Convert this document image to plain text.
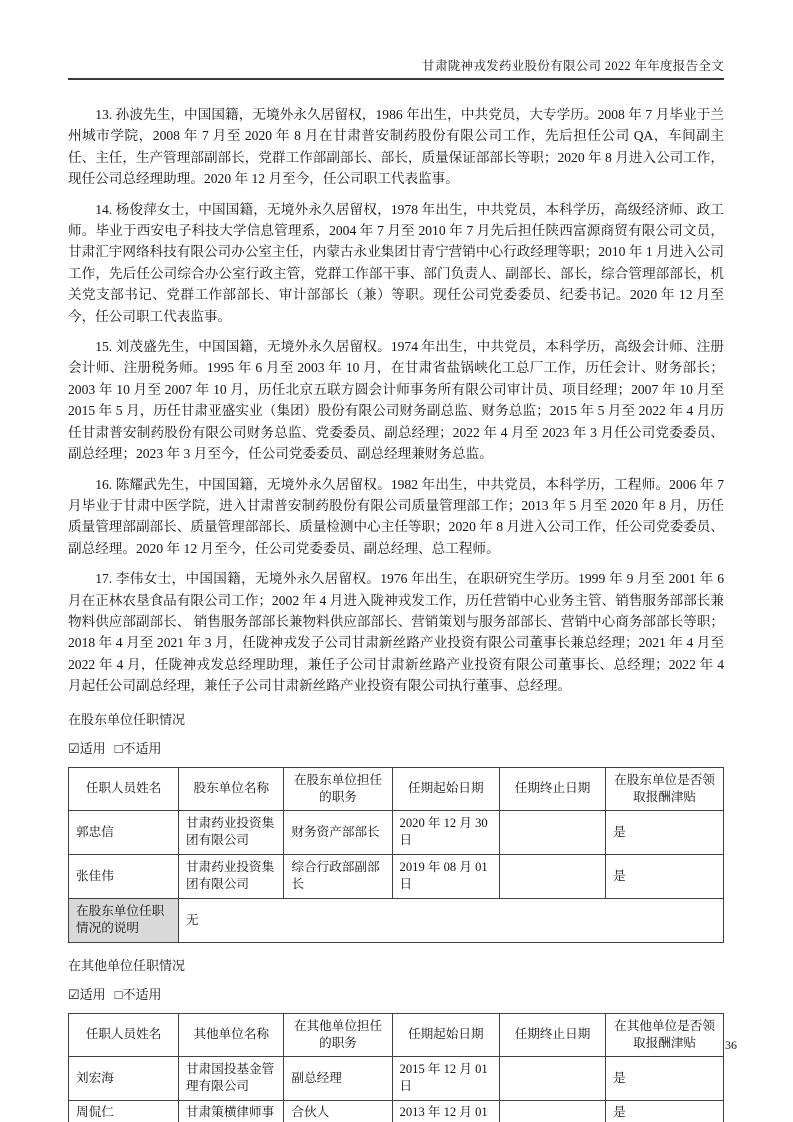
甘肃陇神戎发药业股份有限公司 2022 年年度报告全文

13. 孙波先生，中国国籍，无境外永久居留权，1986 年出生，中共党员，大专学历。2008 年 7 月毕业于兰州城市学院，2008 年 7 月至 2020 年 8 月在甘肃普安制药股份有限公司工作，先后担任公司 QA，车间副主任、主任，生产管理部副部长，党群工作部副部长、部长，质量保证部部长等职；2020 年 8 月进入公司工作，现任公司总经理助理。2020 年 12 月至今，任公司职工代表监事。

14. 杨俊萍女士，中国国籍，无境外永久居留权，1978 年出生，中共党员，本科学历，高级经济师、政工师。毕业于西安电子科技大学信息管理系，2004 年 7 月至 2010 年 7 月先后担任陕西富源商贸有限公司文员，甘肃汇宇网络科技有限公司办公室主任，内蒙古永业集团甘青宁营销中心行政经理等职；2010 年 1 月进入公司工作，先后任公司综合办公室行政主管，党群工作部干事、部门负责人、副部长、部长，综合管理部部长，机关党支部书记、党群工作部部长、审计部部长（兼）等职。现任公司党委委员、纪委书记。2020 年 12 月至今，任公司职工代表监事。

15. 刘茂盛先生，中国国籍，无境外永久居留权。1974 年出生，中共党员，本科学历，高级会计师、注册会计师、注册税务师。1995 年 6 月至 2003 年 10 月，在甘肃省盐锅峡化工总厂工作，历任会计、财务部长；2003 年 10 月至 2007 年 10 月，历任北京五联方圆会计师事务所有限公司审计员、项目经理；2007 年 10 月至 2015 年 5 月，历任甘肃亚盛实业（集团）股份有限公司财务副总监、财务总监；2015 年 5 月至 2022 年 4 月历任甘肃普安制药股份有限公司财务总监、党委委员、副总经理；2022 年 4 月至 2023 年 3 月任公司党委委员、副总经理；2023 年 3 月至今，任公司党委委员、副总经理兼财务总监。

16. 陈耀武先生，中国国籍，无境外永久居留权。1982 年出生，中共党员，本科学历，工程师。2006 年 7 月毕业于甘肃中医学院，进入甘肃普安制药股份有限公司质量管理部工作；2013 年 5 月至 2020 年 8 月，历任质量管理部副部长、质量管理部部长、质量检测中心主任等职；2020 年 8 月进入公司工作，任公司党委委员、副总经理。2020 年 12 月至今，任公司党委委员、副总经理、总工程师。

17. 李伟女士，中国国籍，无境外永久居留权。1976 年出生，在职研究生学历。1999 年 9 月至 2001 年 6 月在正林农垦食品有限公司工作；2002 年 4 月进入陇神戎发工作，历任营销中心业务主管、销售服务部部长兼物料供应部副部长、 销售服务部部长兼物料供应部部长、营销策划与服务部部长、营销中心商务部部长等职；2018 年 4 月至 2021 年 3 月，任陇神戎发子公司甘肃新丝路产业投资有限公司董事长兼总经理；2021 年 4 月至 2022 年 4 月，任陇神戎发总经理助理，兼任子公司甘肃新丝路产业投资有限公司董事长、总经理；2022 年 4 月起任公司副总经理，兼任子公司甘肃新丝路产业投资有限公司执行董事、总经理。

在股东单位任职情况
☑适用 □不适用
任职人员姓名	股东单位名称	在股东单位担任的职务	任期起始日期	任期终止日期	在股东单位是否领取报酬津贴
郭忠信	甘肃药业投资集团有限公司	财务资产部部长	2020 年 12 月 30 日		是
张佳伟	甘肃药业投资集团有限公司	综合行政部副部长	2019 年 08 月 01 日		是
在股东单位任职情况的说明	无				
在其他单位任职情况
☑适用 □不适用
任职人员姓名	其他单位名称	在其他单位担任的职务	任期起始日期	任期终止日期	在其他单位是否领取报酬津贴
刘宏海	甘肃国投基金管理有限公司	副总经理	2015 年 12 月 01 日		是
周侃仁	甘肃策横律师事	合伙人	2013 年 12 月 01		是
36
